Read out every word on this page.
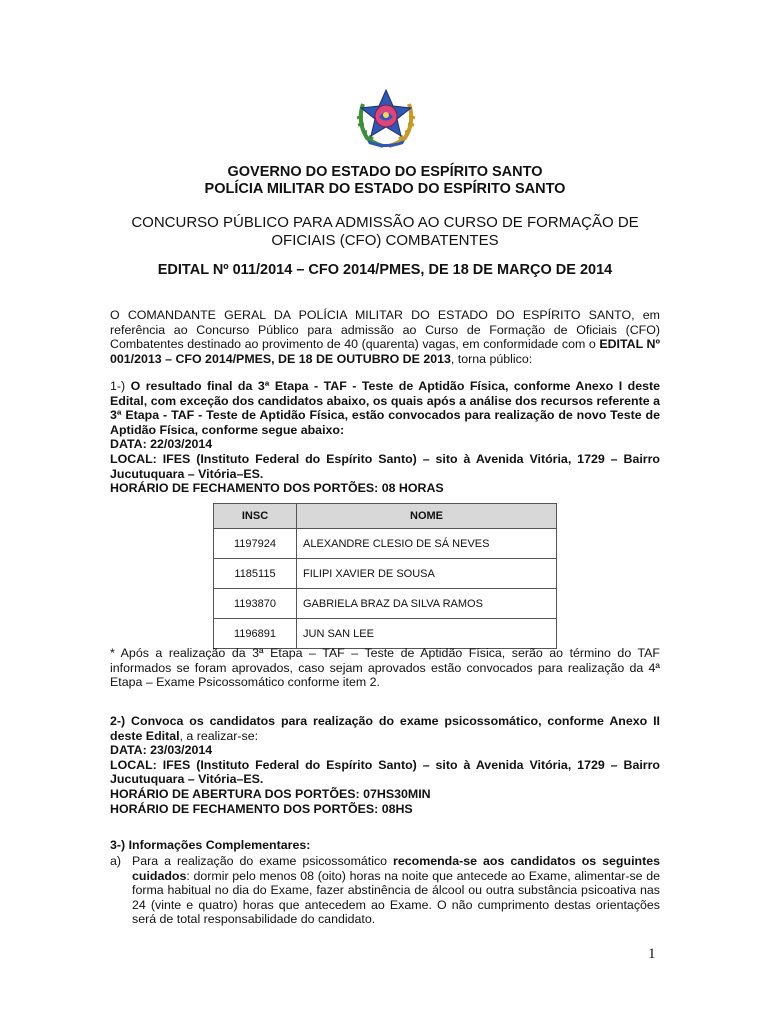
GOVERNO DO ESTADO DO ESPÍRITO SANTO
POLÍCIA MILITAR DO ESTADO DO ESPÍRITO SANTO
CONCURSO PÚBLICO PARA ADMISSÃO AO CURSO DE FORMAÇÃO DE
OFICIAIS (CFO) COMBATENTES
EDITAL Nº 011/2014 – CFO 2014/PMES, DE 18 DE MARÇO DE 2014
O COMANDANTE GERAL DA POLÍCIA MILITAR DO ESTADO DO ESPÍRITO SANTO, em referência ao Concurso Público para admissão ao Curso de Formação de Oficiais (CFO) Combatentes destinado ao provimento de 40 (quarenta) vagas, em conformidade com o EDITAL Nº 001/2013 – CFO 2014/PMES, DE 18 DE OUTUBRO DE 2013, torna público:
1-) O resultado final da 3ª Etapa - TAF - Teste de Aptidão Física, conforme Anexo I deste Edital, com exceção dos candidatos abaixo, os quais após a análise dos recursos referente a 3ª Etapa - TAF - Teste de Aptidão Física, estão convocados para realização de novo Teste de Aptidão Física, conforme segue abaixo:
DATA: 22/03/2014
LOCAL: IFES (Instituto Federal do Espírito Santo) – sito à Avenida Vitória, 1729 – Bairro Jucutuquara – Vitória–ES.
HORÁRIO DE FECHAMENTO DOS PORTÕES: 08 HORAS
INSC	NOME
1197924	ALEXANDRE CLESIO DE SÁ NEVES
1185115	FILIPI XAVIER DE SOUSA
1193870	GABRIELA BRAZ DA SILVA RAMOS
1196891	JUN SAN LEE
* Após a realização da 3ª Etapa – TAF – Teste de Aptidão Física, serão ao término do TAF informados se foram aprovados, caso sejam aprovados estão convocados para realização da 4ª Etapa – Exame Psicossomático conforme item 2.
2-) Convoca os candidatos para realização do exame psicossomático, conforme Anexo II deste Edital, a realizar-se:
DATA: 23/03/2014
LOCAL: IFES (Instituto Federal do Espírito Santo) – sito à Avenida Vitória, 1729 – Bairro Jucutuquara – Vitória–ES.
HORÁRIO DE ABERTURA DOS PORTÕES: 07HS30MIN
HORÁRIO DE FECHAMENTO DOS PORTÕES: 08HS
3-) Informações Complementares:
a) Para a realização do exame psicossomático recomenda-se aos candidatos os seguintes cuidados: dormir pelo menos 08 (oito) horas na noite que antecede ao Exame, alimentar-se de forma habitual no dia do Exame, fazer abstinência de álcool ou outra substância psicoativa nas 24 (vinte e quatro) horas que antecedem ao Exame. O não cumprimento destas orientações será de total responsabilidade do candidato.
1
